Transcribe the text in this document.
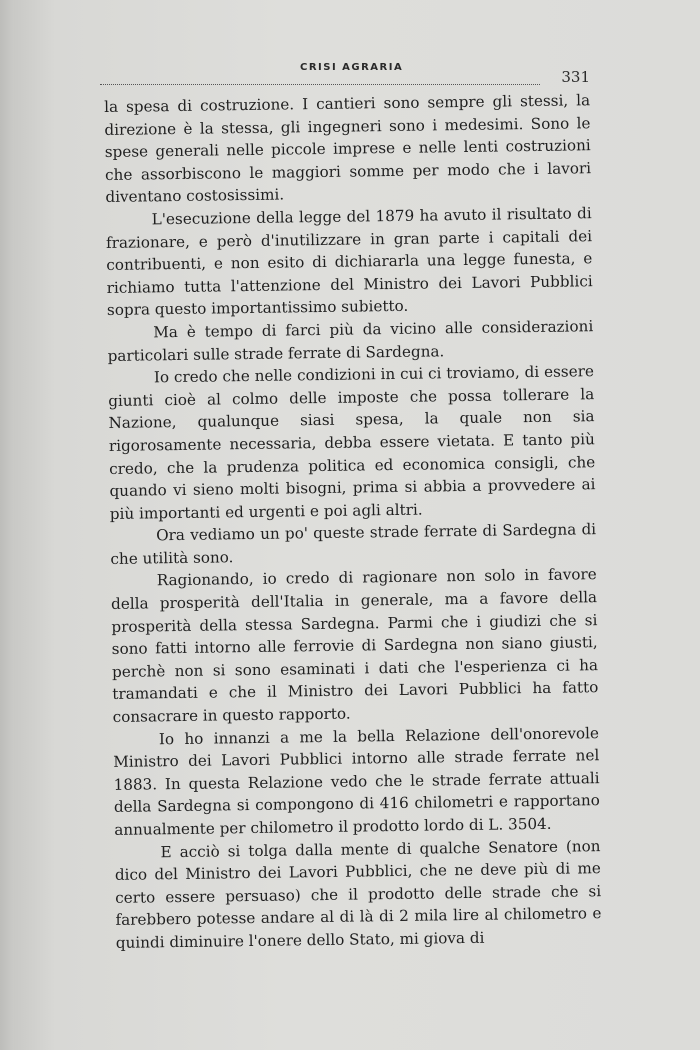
CRISI AGRARIA
331

la spesa di costruzione. I cantieri sono sempre gli stessi, la direzione è la stessa, gli ingegneri sono i medesimi. Sono le spese generali nelle piccole imprese e nelle lenti costruzioni che assorbiscono le maggiori somme per modo che i lavori diventano costosissimi.

L'esecuzione della legge del 1879 ha avuto il risultato di frazionare, e però d'inutilizzare in gran parte i capitali dei contribuenti, e non esito di dichiararla una legge funesta, e richiamo tutta l'attenzione del Ministro dei Lavori Pubblici sopra questo importantissimo subietto.

Ma è tempo di farci più da vicino alle considerazioni particolari sulle strade ferrate di Sardegna.

Io credo che nelle condizioni in cui ci troviamo, di essere giunti cioè al colmo delle imposte che possa tollerare la Nazione, qualunque siasi spesa, la quale non sia rigorosamente necessaria, debba essere vietata. E tanto più credo, che la prudenza politica ed economica consigli, che quando vi sieno molti bisogni, prima si abbia a provvedere ai più importanti ed urgenti e poi agli altri.

Ora vediamo un po' queste strade ferrate di Sardegna di che utilità sono.

Ragionando, io credo di ragionare non solo in favore della prosperità dell'Italia in generale, ma a favore della prosperità della stessa Sardegna. Parmi che i giudizi che si sono fatti intorno alle ferrovie di Sardegna non siano giusti, perchè non si sono esaminati i dati che l'esperienza ci ha tramandati e che il Ministro dei Lavori Pubblici ha fatto consacrare in questo rapporto.

Io ho innanzi a me la bella Relazione dell'onorevole Ministro dei Lavori Pubblici intorno alle strade ferrate nel 1883. In questa Relazione vedo che le strade ferrate attuali della Sardegna si compongono di 416 chilometri e rapportano annualmente per chilometro il prodotto lordo di L. 3504.

E acciò si tolga dalla mente di qualche Senatore (non dico del Ministro dei Lavori Pubblici, che ne deve più di me certo essere persuaso) che il prodotto delle strade che si farebbero potesse andare al di là di 2 mila lire al chilometro e quindi diminuire l'onere dello Stato, mi giova di
